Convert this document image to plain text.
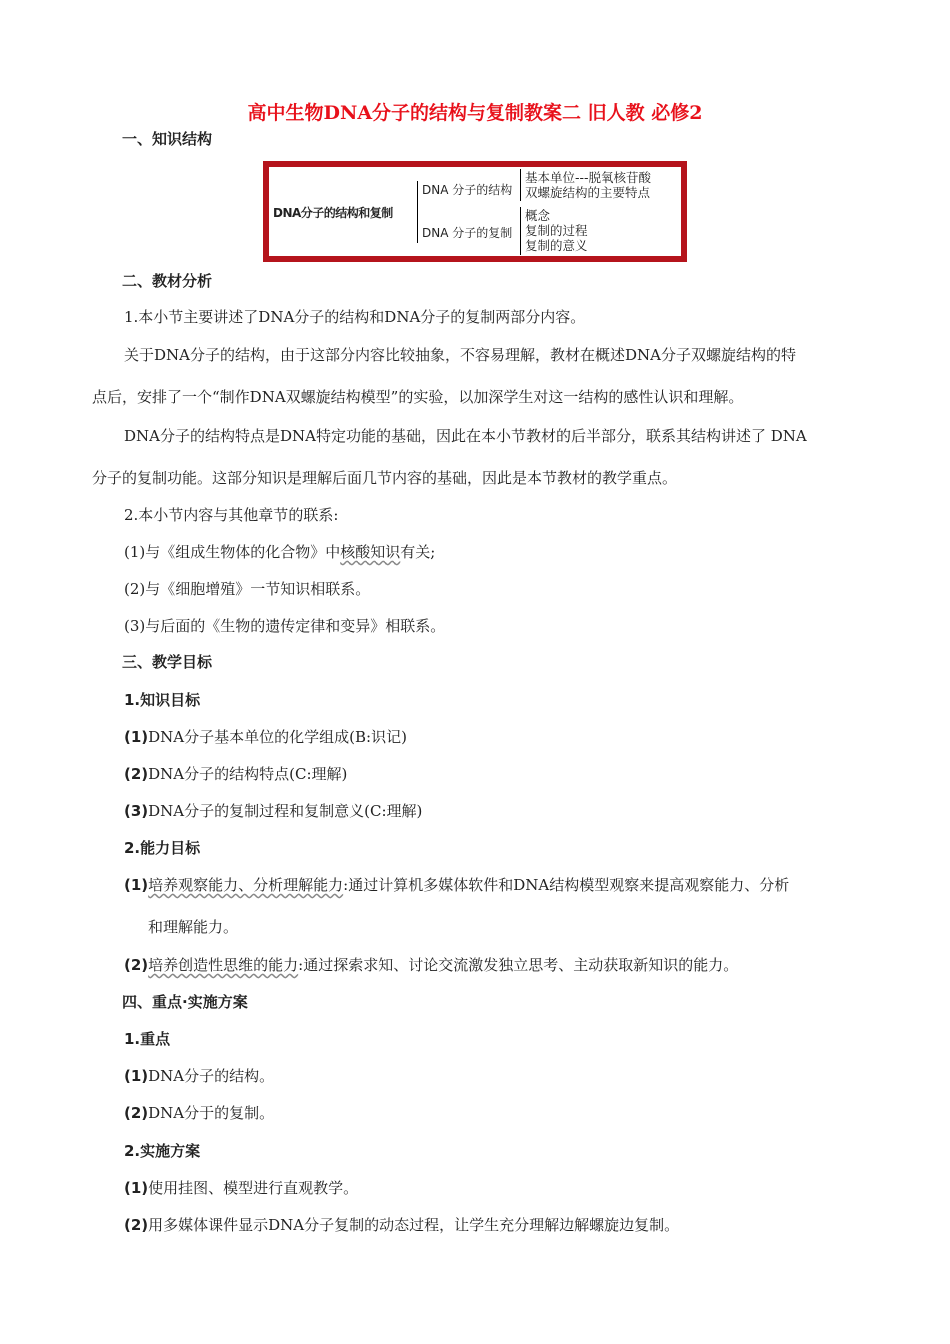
高中生物DNA分子的结构与复制教案二 旧人教 必修2
一、知识结构
DNA分子的结构和复制
DNA 分子的结构
DNA 分子的复制
基本单位---脱氧核苷酸
双螺旋结构的主要特点
概念
复制的过程
复制的意义
二、教材分析
1.本小节主要讲述了DNA分子的结构和DNA分子的复制两部分内容。
关于DNA分子的结构，由于这部分内容比较抽象，不容易理解，教材在概述DNA分子双螺旋结构的特
点后，安排了一个“制作DNA双螺旋结构模型”的实验，以加深学生对这一结构的感性认识和理解。
DNA分子的结构特点是DNA特定功能的基础，因此在本小节教材的后半部分，联系其结构讲述了 DNA
分子的复制功能。这部分知识是理解后面几节内容的基础，因此是本节教材的教学重点。
2.本小节内容与其他章节的联系:
(1)与《组成生物体的化合物》中核酸知识有关;
(2)与《细胞增殖》一节知识相联系。
(3)与后面的《生物的遗传定律和变异》相联系。
三、教学目标
1.知识目标
(1)DNA分子基本单位的化学组成(B:识记)
(2)DNA分子的结构特点(C:理解)
(3)DNA分子的复制过程和复制意义(C:理解)
2.能力目标
(1)培养观察能力、分析理解能力:通过计算机多媒体软件和DNA结构模型观察来提高观察能力、分析
和理解能力。
(2)培养创造性思维的能力:通过探索求知、讨论交流激发独立思考、主动获取新知识的能力。
四、重点·实施方案
1.重点
(1)DNA分子的结构。
(2)DNA分于的复制。
2.实施方案
(1)使用挂图、模型进行直观教学。
(2)用多媒体课件显示DNA分子复制的动态过程，让学生充分理解边解螺旋边复制。
